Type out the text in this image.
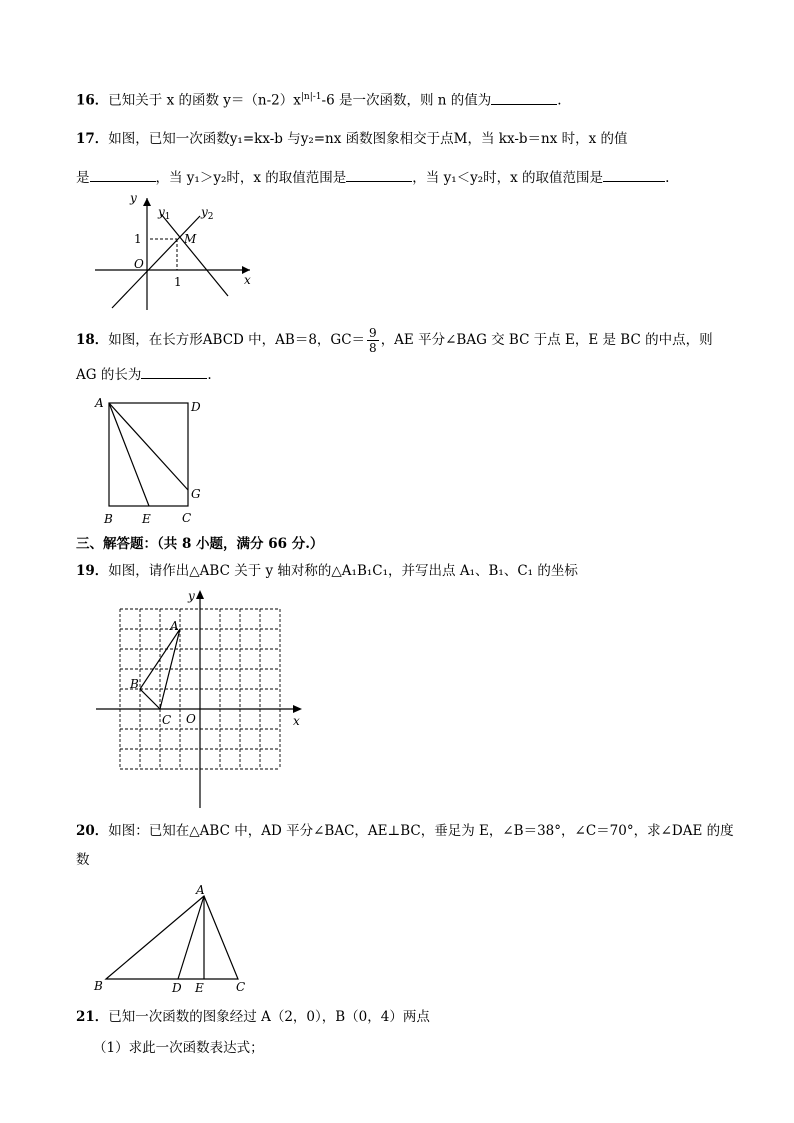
16．已知关于 x 的函数 $y=(n-2)x^{|n|-1}-6$ 是一次函数，则 n 的值为	.
17．如图，已知一次函数y₁=kx-b 与y₂=nx 函数图象相交于点M，当 kx-b＝nx 时，x 的值
是	，当 y₁＞y₂时，x 的取值范围是	，当 y₁＜y₂时，x 的取值范围是	.
y
x
O
1
1	M
$y_1$	$y_2$
18．如图，在长方形ABCD 中，AB＝8，$GC= \frac{9}{8}$ ，AE 平分∠BAG 交 BC 于点 E，E 是 BC 的中点，则
AG 的长为	.
A	D
G
B E	C
三、解答题：（共 8 小题，满分 66 分.）
19．如图，请作出△ABC 关于 y 轴对称的△A₁B₁C₁，并写出点 A₁、B₁、C₁ 的坐标
y
x
A
B
C O
20．如图：已知在△ABC 中，AD 平分∠BAC，AE⊥BC，垂足为 E，∠B＝38°，∠C＝70°，求∠DAE 的度
数
A
B	D E	C
21．已知一次函数的图象经过 A（2，0），B（0，4）两点
（1）求此一次函数表达式；
